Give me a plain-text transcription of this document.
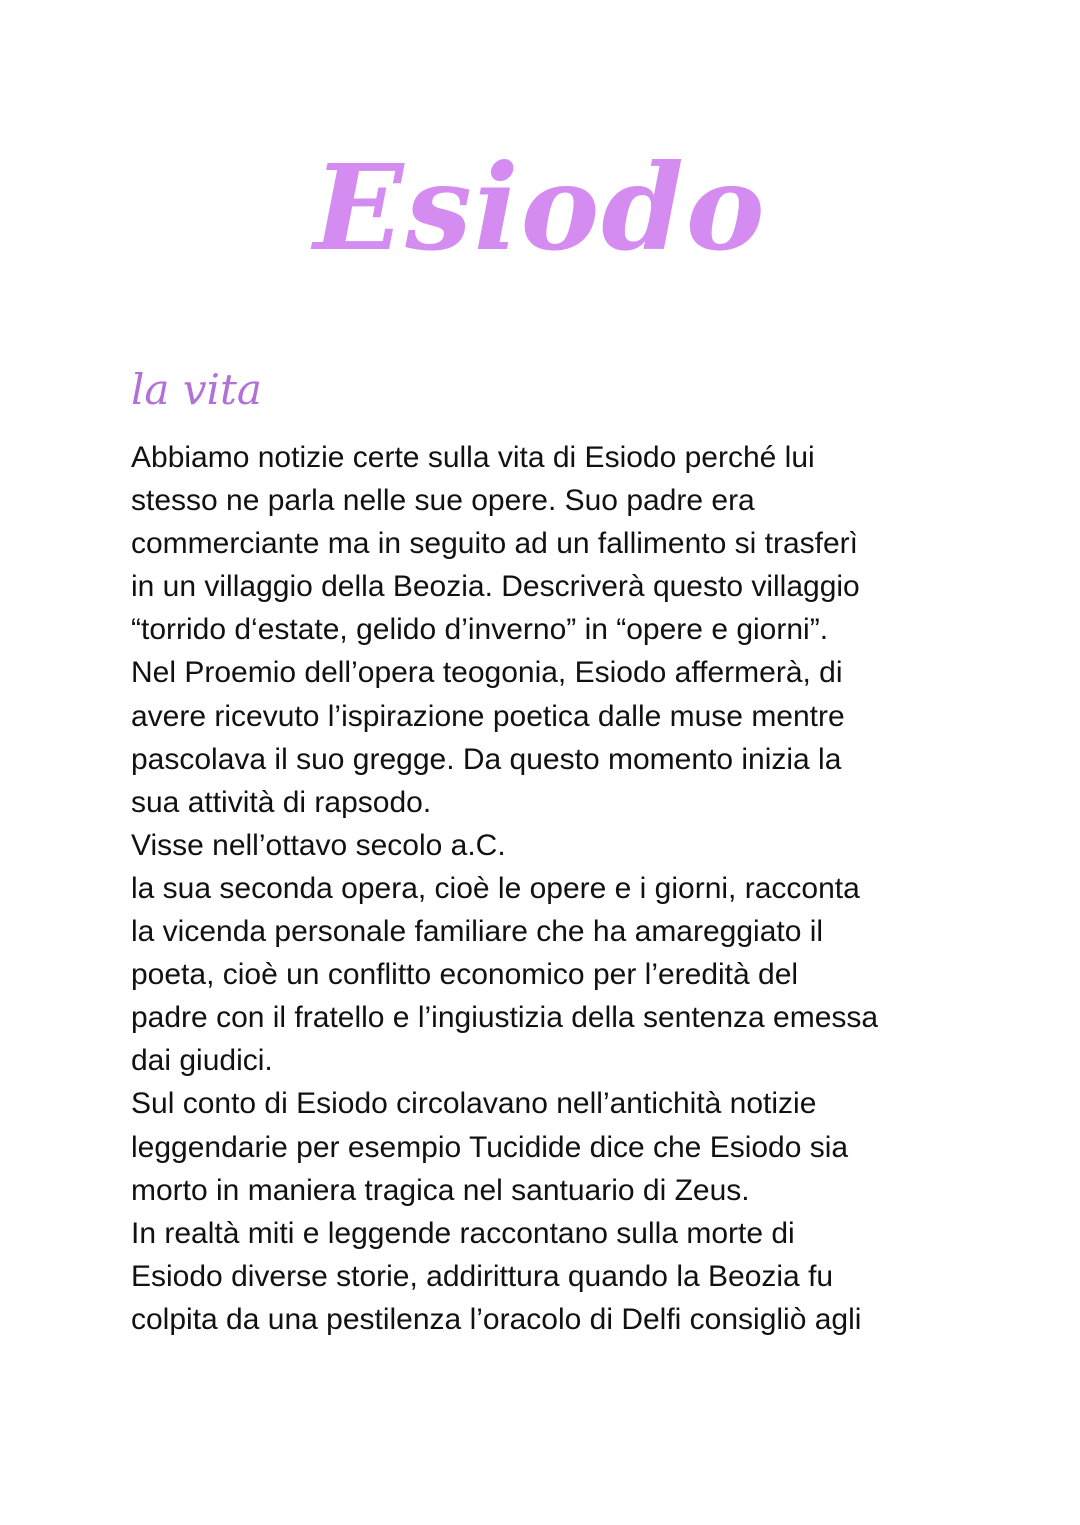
Esiodo
la vita

Abbiamo notizie certe sulla vita di Esiodo perché lui
stesso ne parla nelle sue opere. Suo padre era
commerciante ma in seguito ad un fallimento si trasferì
in un villaggio della Beozia. Descriverà questo villaggio
“torrido d‘estate, gelido d’inverno” in “opere e giorni”.
Nel Proemio dell’opera teogonia, Esiodo affermerà, di
avere ricevuto l’ispirazione poetica dalle muse mentre
pascolava il suo gregge. Da questo momento inizia la
sua attività di rapsodo.
Visse nell’ottavo secolo a.C.
la sua seconda opera, cioè le opere e i giorni, racconta
la vicenda personale familiare che ha amareggiato il
poeta, cioè un conflitto economico per l’eredità del
padre con il fratello e l’ingiustizia della sentenza emessa
dai giudici.
Sul conto di Esiodo circolavano nell’antichità notizie
leggendarie per esempio Tucidide dice che Esiodo sia
morto in maniera tragica nel santuario di Zeus.
In realtà miti e leggende raccontano sulla morte di
Esiodo diverse storie, addirittura quando la Beozia fu
colpita da una pestilenza l’oracolo di Delfi consigliò agli
